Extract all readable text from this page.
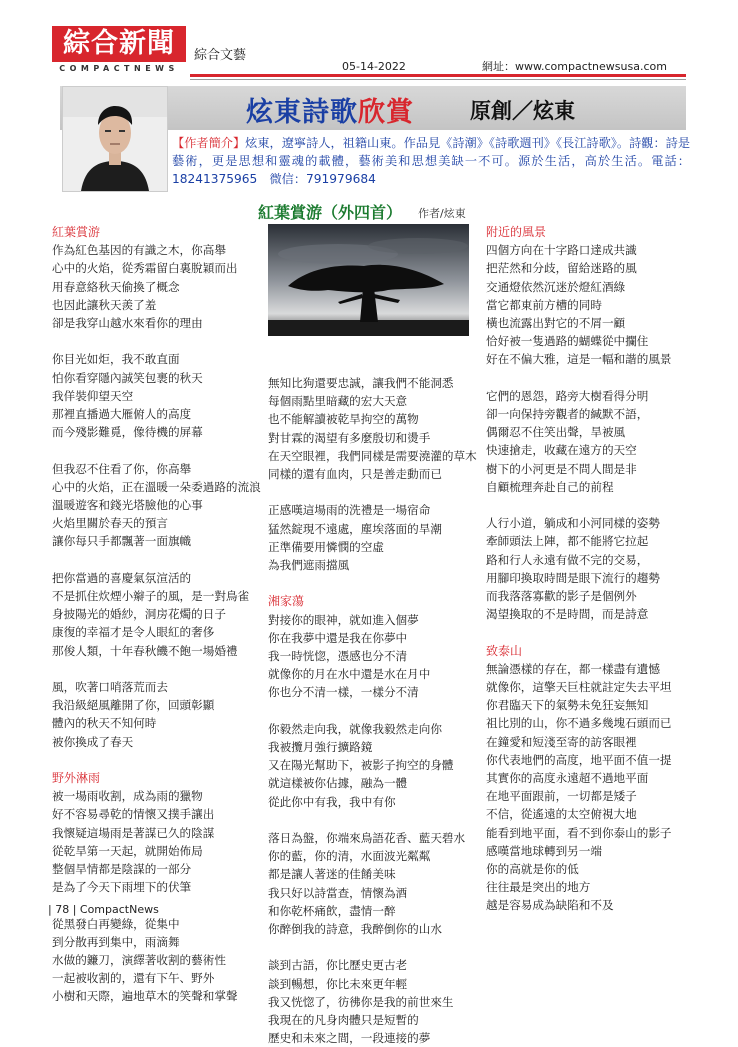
綜合新聞
COMPACTNEWS
綜合文藝
05-14-2022	網址：www.compactnewsusa.com
炫東詩歌欣賞	原創／炫東
【作者簡介】炫東，遼寧詩人，祖籍山東。作品見《詩潮》《詩歌週刊》《長江詩歌》。詩觀：詩是藝術，更是思想和靈魂的載體，藝術美和思想美缺一不可。源於生活，高於生活。電話：18241375965　微信：791979684
紅葉賞游（外四首） 作者/炫東
紅葉賞游
作為紅色基因的有識之木，你高舉
心中的火焰，從秀霜留白裏脫穎而出
用春意絡秋天偷換了概念
也因此讓秋天羨了羞
卻是我穿山越水來看你的理由
你目光如炬，我不敢直面
怕你看穿隱內誠笑包裹的秋天
我佯裝仰望天空
那裡直播過大雁俯人的高度
而今殘影難覓，像待機的屏幕
但我忍不住看了你，你高舉
心中的火焰，正在溫暖一朵委過路的流浪
溫暖遊客和錢光塔臉他的心事
火焰里關於春天的預言
讓你每只手都飄著一面旗幟
把你當過的喜慶氣氛渲活的
不是抓住炊煙小辮子的風，是一對鳥雀
身披陽光的婚紗，洞房花燭的日子
康復的幸福才是令人眼紅的奢侈
那俊人類，十年春秋饑不飽一場婚禮
風，吹著口哨落荒而去
我沿級絕風離開了你，回頭彰顯
體內的秋天不知何時
被你換成了春天
野外淋雨
被一場雨收割，成為雨的獵物
好不容易尋乾的情懷又撲手讓出
我懷疑這場雨是著謀已久的陰謀
從乾旱第一天起，就開始佈局
整個旱情都是陰謀的一部分
是為了今天下雨埋下的伏筆
從黑發白再變綠，從集中
到分散再到集中，雨滴舞
水做的鐮刀，演繹著收割的藝術性
一起被收割的，還有下午、野外
小樹和天際，遍地草木的笑聲和掌聲
無知比狗還要忠誠，讓我們不能洞悉
每個雨點里暗藏的宏大天意
也不能解讀被乾旱拘空的萬物
對甘霖的渴望有多麼殷切和燙手
在天空眼裡，我們同樣是需要澆灌的草木
同樣的還有血肉，只是善走動而已
正感嘆這場雨的洗禮是一場宿命
猛然錠現不遠處，塵埃落面的旱潮
正準備要用憐憫的空虛
為我們遮雨擋風
湘家蕩
對接你的眼神，就如進入個夢
你在我夢中還是我在你夢中
我一時恍惚，憑感也分不清
就像你的月在水中還是水在月中
你也分不清一樣，一樣分不清
你毅然走向我，就像我毅然走向你
我被攬月強行擴路鏡
又在陽光幫助下，被影子拘空的身體
就這樣被你佔據，融為一體
從此你中有我，我中有你
落日為盤，你端來鳥語花香、藍天碧水
你的藍，你的清，水面波光粼粼
都是讓人著迷的佳餚美味
我只好以詩當查，情懷為酒
和你乾杯痛飲，盡情一醉
你醉倒我的詩意，我醉倒你的山水
談到古語，你比歷史更古老
談到暢想，你比未來更年輕
我又恍惚了，彷彿你是我的前世來生
我現在的凡身肉體只是短暫的
歷史和未來之間，一段連接的夢
附近的風景
四個方向在十字路口達成共識
把茫然和分歧，留給迷路的風
交通燈依然沉迷於燈紅酒綠
當它都東前方槽的同時
橫也流露出對它的不屑一顧
恰好被一隻過路的蝴蝶從中攔住
好在不偏大雅，這是一幅和諧的風景
它們的恩怨，路旁大樹看得分明
卻一向保持旁觀者的緘默不語，
偶爾忍不住笑出聲，旱被風
快速搶走，收藏在遠方的天空
樹下的小河更是不問人間是非
自顧梳理奔赴自己的前程
人行小道，躺成和小河同樣的姿勢
牽師頭法上陣，都不能將它拉起
路和行人永遠有做不完的交易，
用腳印換取時間是眼下流行的趨勢
而我落落寡歡的影子是個例外
渴望換取的不是時間，而是詩意
致泰山
無論憑樣的存在，都一樣盡有遺憾
就像你，這擎天巨柱就註定失去平坦
你君臨天下的氣勢未免狂妄無知
祖比別的山，你不過多幾塊石頭而已
在鐘愛和短淺至寄的訪客眼裡
你代表地們的高度，地平面不值一提
其實你的高度永遠超不過地平面
在地平面跟前，一切都是矮子
不信，從遙遠的太空俯視大地
能看到地平面，看不到你泰山的影子
感嘆當地球轉到另一端
你的高就是你的低
往往最是突出的地方
越是容易成為缺陷和不及
| 78 | CompactNews
